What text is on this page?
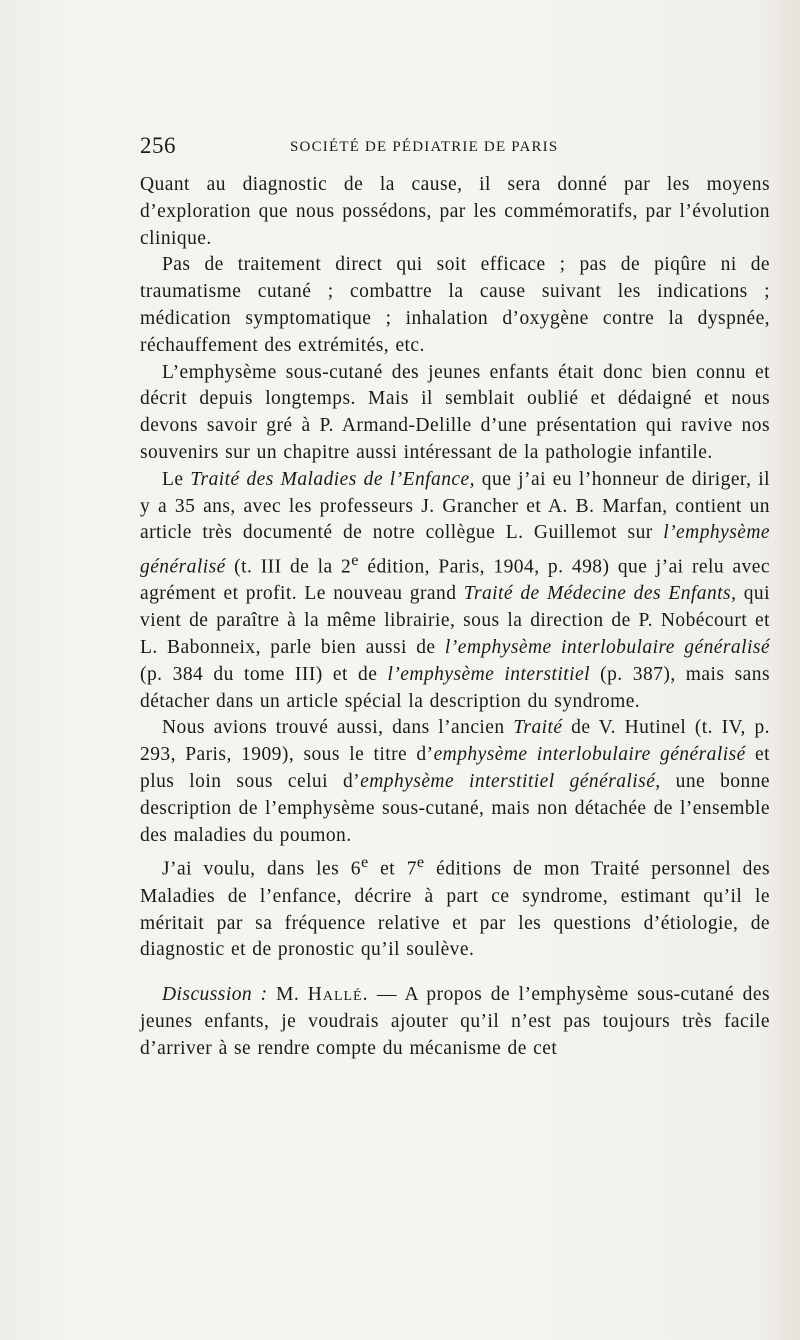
256	SOCIÉTÉ DE PÉDIATRIE DE PARIS

Quant au diagnostic de la cause, il sera donné par les moyens d’exploration que nous possédons, par les commémoratifs, par l’évolution clinique.

Pas de traitement direct qui soit efficace ; pas de piqûre ni de traumatisme cutané ; combattre la cause suivant les indications ; médication symptomatique ; inhalation d’oxygène contre la dyspnée, réchauffement des extrémités, etc.

L’emphysème sous-cutané des jeunes enfants était donc bien connu et décrit depuis longtemps. Mais il semblait oublié et dédaigné et nous devons savoir gré à P. Armand-Delille d’une présentation qui ravive nos souvenirs sur un chapitre aussi intéressant de la pathologie infantile.

Le Traité des Maladies de l’Enfance, que j’ai eu l’honneur de diriger, il y a 35 ans, avec les professeurs J. Grancher et A. B. Marfan, contient un article très documenté de notre collègue L. Guillemot sur l’emphysème généralisé (t. III de la 2e édition, Paris, 1904, p. 498) que j’ai relu avec agrément et profit. Le nouveau grand Traité de Médecine des Enfants, qui vient de paraître à la même librairie, sous la direction de P. Nobécourt et L. Babonneix, parle bien aussi de l’emphysème interlobulaire généralisé (p. 384 du tome III) et de l’emphysème interstitiel (p. 387), mais sans détacher dans un article spécial la description du syndrome.

Nous avions trouvé aussi, dans l’ancien Traité de V. Hutinel (t. IV, p. 293, Paris, 1909), sous le titre d’emphysème interlobulaire généralisé et plus loin sous celui d’emphysème interstitiel généralisé, une bonne description de l’emphysème sous-cutané, mais non détachée de l’ensemble des maladies du poumon.

J’ai voulu, dans les 6e et 7e éditions de mon Traité personnel des Maladies de l’enfance, décrire à part ce syndrome, estimant qu’il le méritait par sa fréquence relative et par les questions d’étiologie, de diagnostic et de pronostic qu’il soulève.

Discussion : M. Hallé. — A propos de l’emphysème sous-cutané des jeunes enfants, je voudrais ajouter qu’il n’est pas toujours très facile d’arriver à se rendre compte du mécanisme de cet
